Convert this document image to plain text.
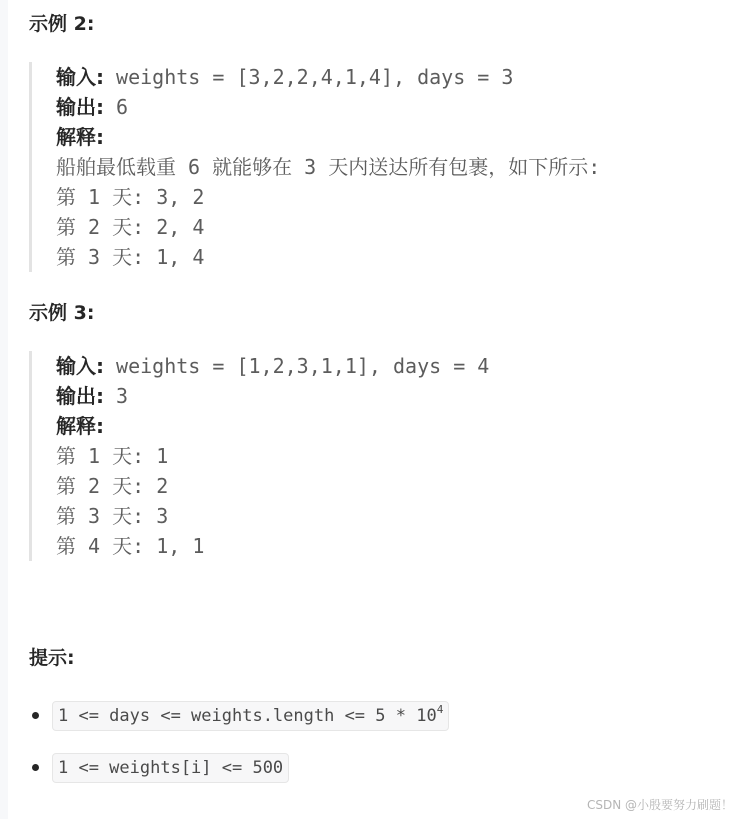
示例 2:
输入: weights = [3,2,2,4,1,4], days = 3
输出: 6
解释:
船舶最低载重 6 就能够在 3 天内送达所有包裹，如下所示:
第 1 天: 3, 2
第 2 天: 2, 4
第 3 天: 1, 4
示例 3:
输入: weights = [1,2,3,1,1], days = 4
输出: 3
解释:
第 1 天: 1
第 2 天: 2
第 3 天: 3
第 4 天: 1, 1
提示:
1 <= days <= weights.length <= $5 * 10^4$
1 <= weights[i] <= 500
CSDN @小殷要努力刷题！
